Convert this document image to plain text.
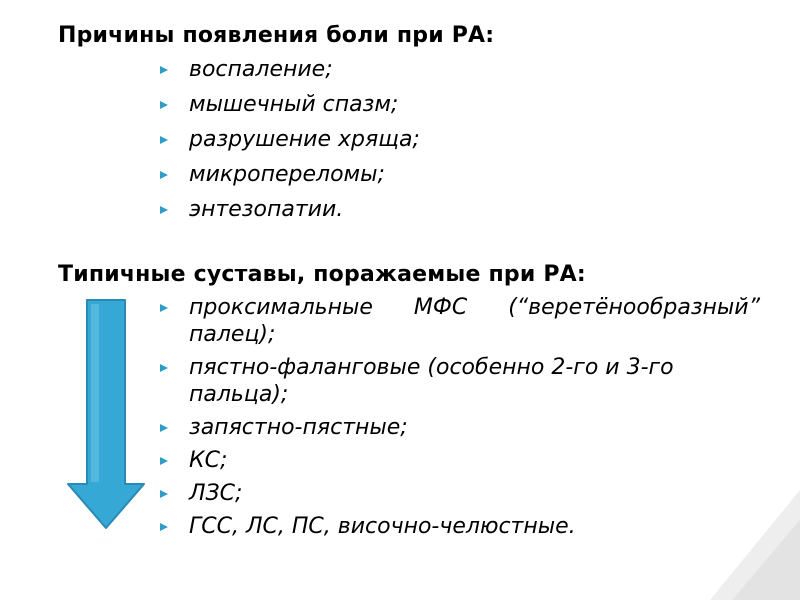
Причины появления боли при РА:
воспаление;
мышечный спазм;
разрушение хряща;
микропереломы;
энтезопатии.
Типичные суставы, поражаемые при РА:
проксимальные МФС (“веретёнообразный” палец);
пястно-фаланговые (особенно 2-го и 3-го пальца);
запястно-пястные;
КС;
ЛЗС;
ГСС, ЛС, ПС, височно-челюстные.
